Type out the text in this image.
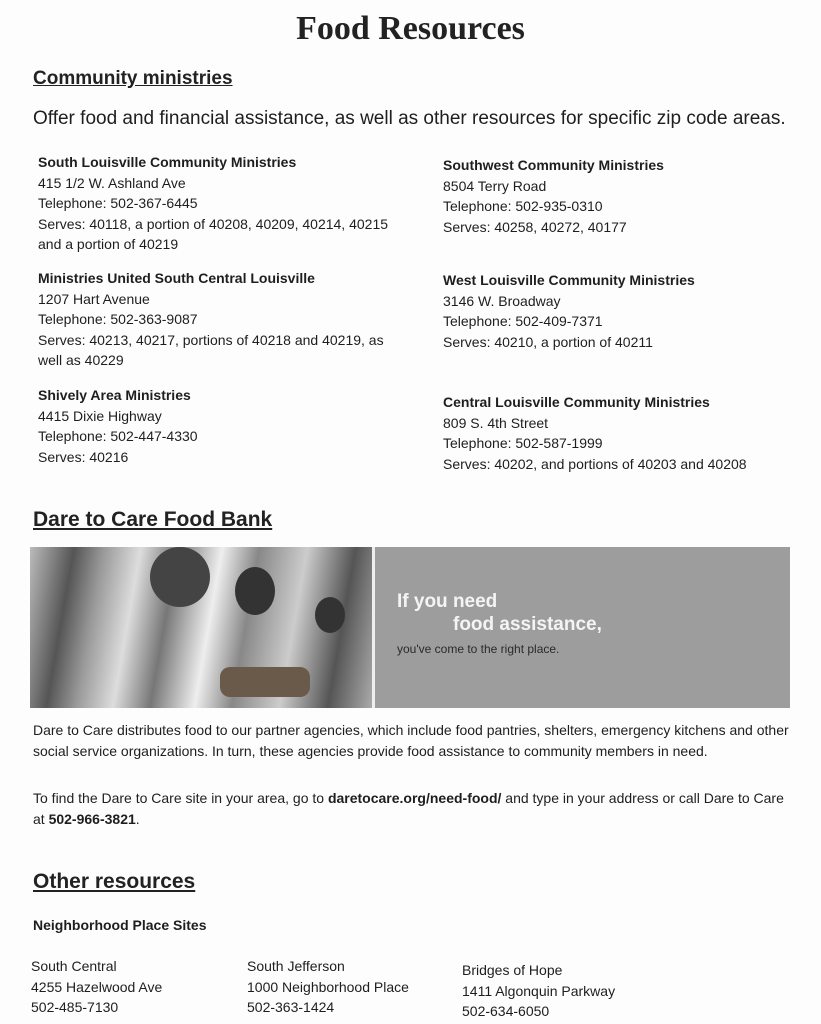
Food Resources
Community ministries
Offer food and financial assistance, as well as other resources for specific zip code areas.
South Louisville Community Ministries
415 1/2 W. Ashland Ave
Telephone: 502-367-6445
Serves: 40118, a portion of 40208, 40209, 40214, 40215 and a portion of 40219
Ministries United South Central Louisville
1207 Hart Avenue
Telephone: 502-363-9087
Serves: 40213, 40217, portions of 40218 and 40219, as well as 40229
Shively Area Ministries
4415 Dixie Highway
Telephone: 502-447-4330
Serves: 40216
Southwest Community Ministries
8504 Terry Road
Telephone: 502-935-0310
Serves: 40258, 40272, 40177
West Louisville Community Ministries
3146 W. Broadway
Telephone: 502-409-7371
Serves: 40210, a portion of 40211
Central Louisville Community Ministries
809 S. 4th Street
Telephone: 502-587-1999
Serves: 40202, and portions of 40203 and 40208
Dare to Care Food Bank
If you need
food assistance,
you've come to the right place.
Dare to Care distributes food to our partner agencies, which include food pantries, shelters, emergency kitchens and other social service organizations. In turn, these agencies provide food assistance to community members in need.
To find the Dare to Care site in your area, go to daretocare.org/need-food/ and type in your address or call Dare to Care at 502-966-3821.
Other resources
Neighborhood Place Sites
South Central
4255 Hazelwood Ave
502-485-7130
South Jefferson
1000 Neighborhood Place
502-363-1424
Bridges of Hope
1411 Algonquin Parkway
502-634-6050
